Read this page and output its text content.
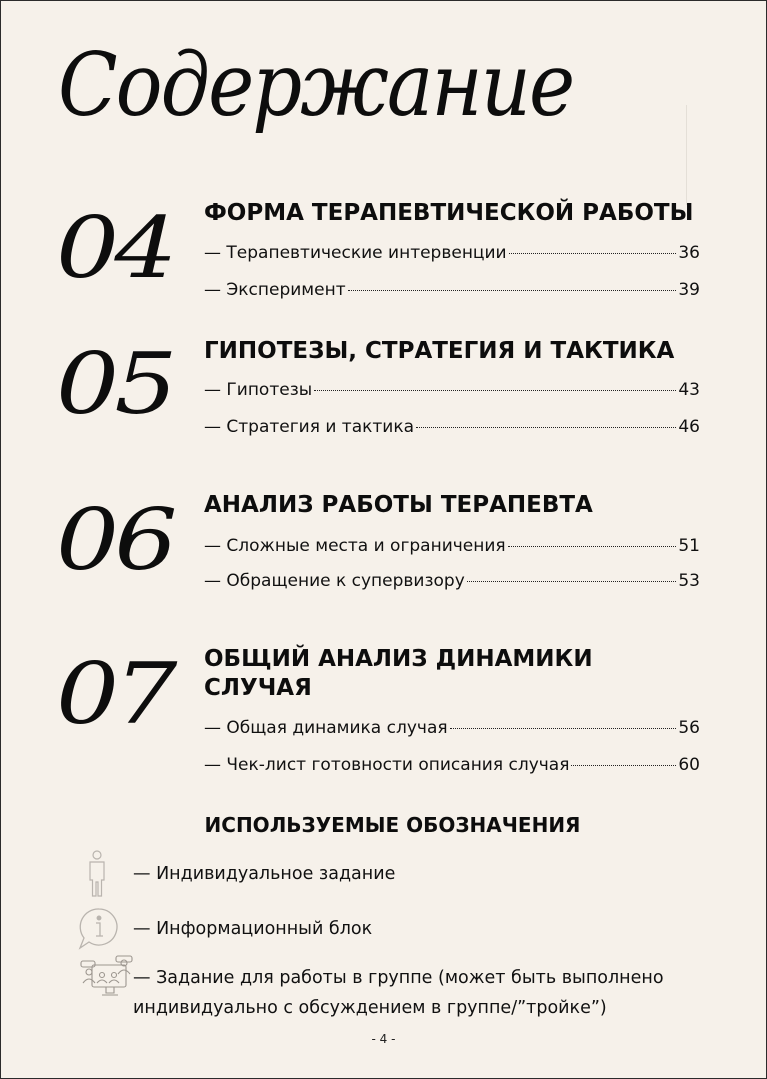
Содержание
04 ФОРМА ТЕРАПЕВТИЧЕСКОЙ РАБОТЫ
— Терапевтические интервенции	36
— Эксперимент	39
05 ГИПОТЕЗЫ, СТРАТЕГИЯ И ТАКТИКА
— Гипотезы	43
— Стратегия и тактика	46
06 АНАЛИЗ РАБОТЫ ТЕРАПЕВТА
— Сложные места и ограничения	51
— Обращение к супервизору	53
07 ОБЩИЙ АНАЛИЗ ДИНАМИКИ
СЛУЧАЯ
— Общая динамика случая	56
— Чек-лист готовности описания случая	60
ИСПОЛЬЗУЕМЫЕ ОБОЗНАЧЕНИЯ
— Индивидуальное задание
— Информационный блок
— Задание для работы в группе (может быть выполнено индивидуально с обсуждением в группе/”тройке”)
- 4 -
